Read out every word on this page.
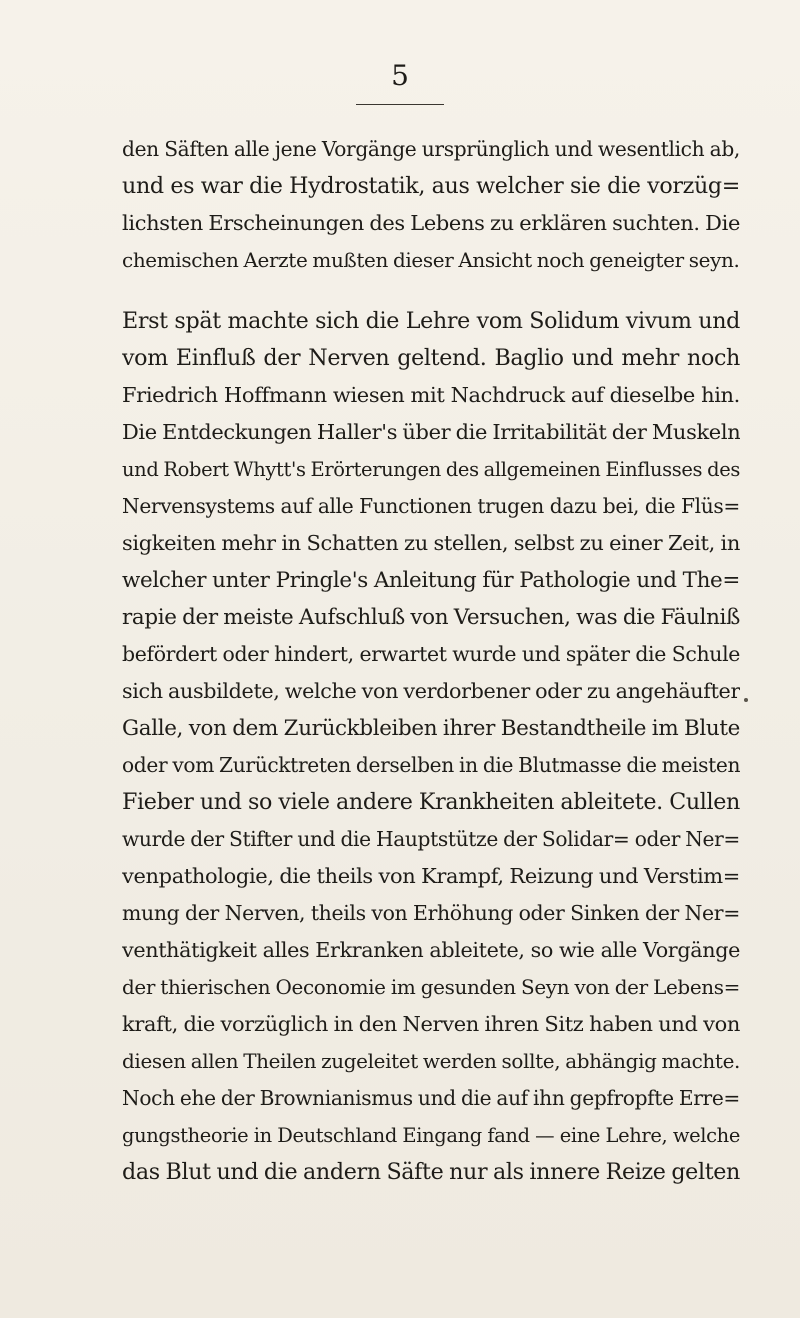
5
den Säften alle jene Vorgänge ursprünglich und wesentlich ab,
und es war die Hydrostatik, aus welcher sie die vorzüg=
lichsten Erscheinungen des Lebens zu erklären suchten. Die
chemischen Aerzte mußten dieser Ansicht noch geneigter seyn.
Erst spät machte sich die Lehre vom Solidum vivum und
vom Einfluß der Nerven geltend. Baglio und mehr noch
Friedrich Hoffmann wiesen mit Nachdruck auf dieselbe hin.
Die Entdeckungen Haller's über die Irritabilität der Muskeln
und Robert Whytt's Erörterungen des allgemeinen Einflusses des
Nervensystems auf alle Functionen trugen dazu bei, die Flüs=
sigkeiten mehr in Schatten zu stellen, selbst zu einer Zeit, in
welcher unter Pringle's Anleitung für Pathologie und The=
rapie der meiste Aufschluß von Versuchen, was die Fäulniß
befördert oder hindert, erwartet wurde und später die Schule
sich ausbildete, welche von verdorbener oder zu angehäufter
Galle, von dem Zurückbleiben ihrer Bestandtheile im Blute
oder vom Zurücktreten derselben in die Blutmasse die meisten
Fieber und so viele andere Krankheiten ableitete. Cullen
wurde der Stifter und die Hauptstütze der Solidar= oder Ner=
venpathologie, die theils von Krampf, Reizung und Verstim=
mung der Nerven, theils von Erhöhung oder Sinken der Ner=
venthätigkeit alles Erkranken ableitete, so wie alle Vorgänge
der thierischen Oeconomie im gesunden Seyn von der Lebens=
kraft, die vorzüglich in den Nerven ihren Sitz haben und von
diesen allen Theilen zugeleitet werden sollte, abhängig machte.
Noch ehe der Brownianismus und die auf ihn gepfropfte Erre=
gungstheorie in Deutschland Eingang fand — eine Lehre, welche
das Blut und die andern Säfte nur als innere Reize gelten
